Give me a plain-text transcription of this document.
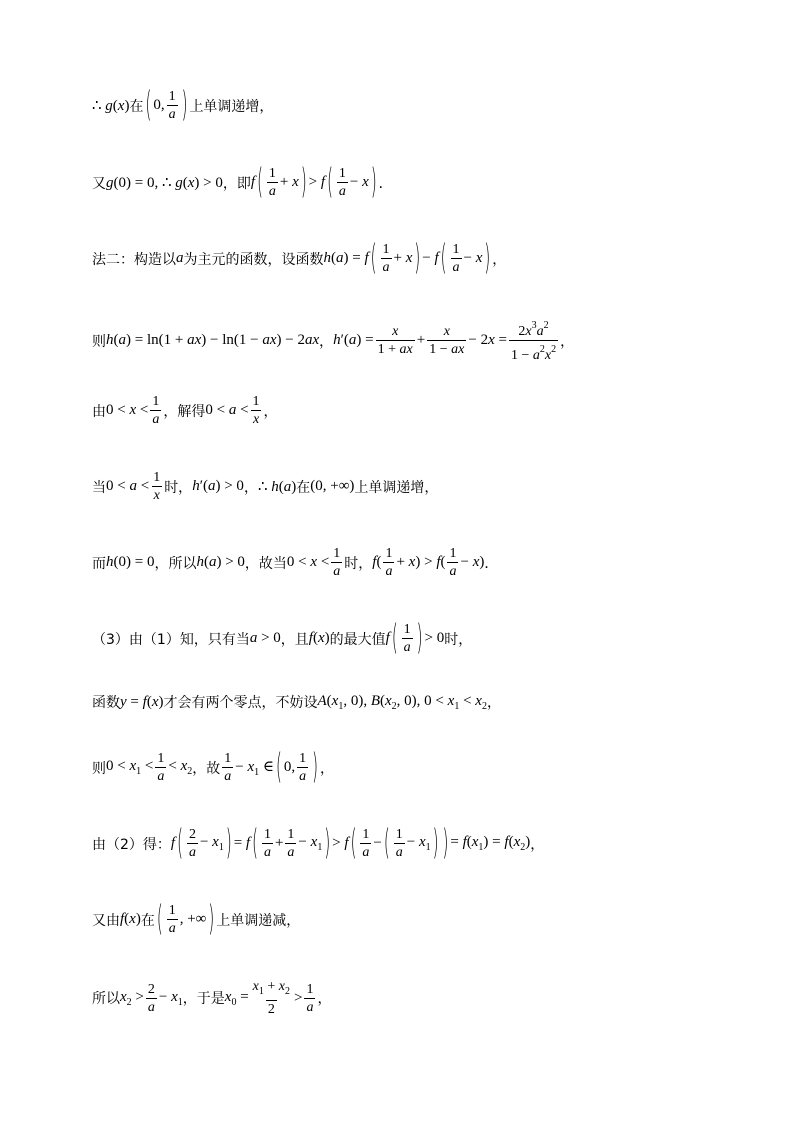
∴ g(x) 在 ( 0, $\frac{1}{a}$ ) 上单调递增，
又 g(0) = 0, ∴ g(x) > 0 ，即 f ( $\frac{1}{a} + x$ ) > f ( $\frac{1}{a} - x$ ) ．
法二：构造以 a 为主元的函数，设函数 h(a) = f ( $\frac{1}{a} + x$ ) − f ( $\frac{1}{a} - x$ ) ，
则 h(a) = ln(1 + ax) − ln(1 − ax) − 2ax ， $h'(a) = \frac{x}{1 + ax} + \frac{x}{1 - ax} - 2x = \frac{2x^3a^2}{1 - a^2x^2}$ ，
由 $0 < x < \frac{1}{a}$ ，解得 $0 < a < \frac{1}{x}$ ，
当 $0 < a < \frac{1}{x}$ 时， h′(a) > 0 ， ∴ h(a) 在 (0, +∞) 上单调递增，
而 h(0) = 0 ，所以 h(a) > 0 ，故当 $0 < x < \frac{1}{a}$ 时， $f( \frac{1}{a} + x) > f( \frac{1}{a} - x)$ ．
（3）由（1）知，只有当 a > 0 ，且 f(x) 的最大值 f ( $\frac{1}{a}$ ) > 0 时，
函数 y = f(x) 才会有两个零点，不妨设 $A(x_1$, 0), $B(x_2$, 0), $0 < x_1 < x_2$ ，
则 $0 < x_1 < \frac{1}{a} < x_2$ ，故 $\frac{1}{a} - x_1$ ∈ ( 0, $\frac{1}{a}$ ) ，
由（2）得： f ( $\frac{2}{a} - x_1$ ) = f ( $\frac{1}{a} + \frac{1}{a} - x_1$ ) > f ( $\frac{1}{a}$ − ( $\frac{1}{a} - x_1$ ) ) = $f(x_1) = f(x_2)$ ，
又由 f(x) 在 ( $\frac{1}{a}$ , +∞ ) 上单调递减，
所以 $x_2 > \frac{2}{a} - x_1$ ，于是 $x_0 = \frac{x_1 + x_2}{2} > \frac{1}{a}$ ，
